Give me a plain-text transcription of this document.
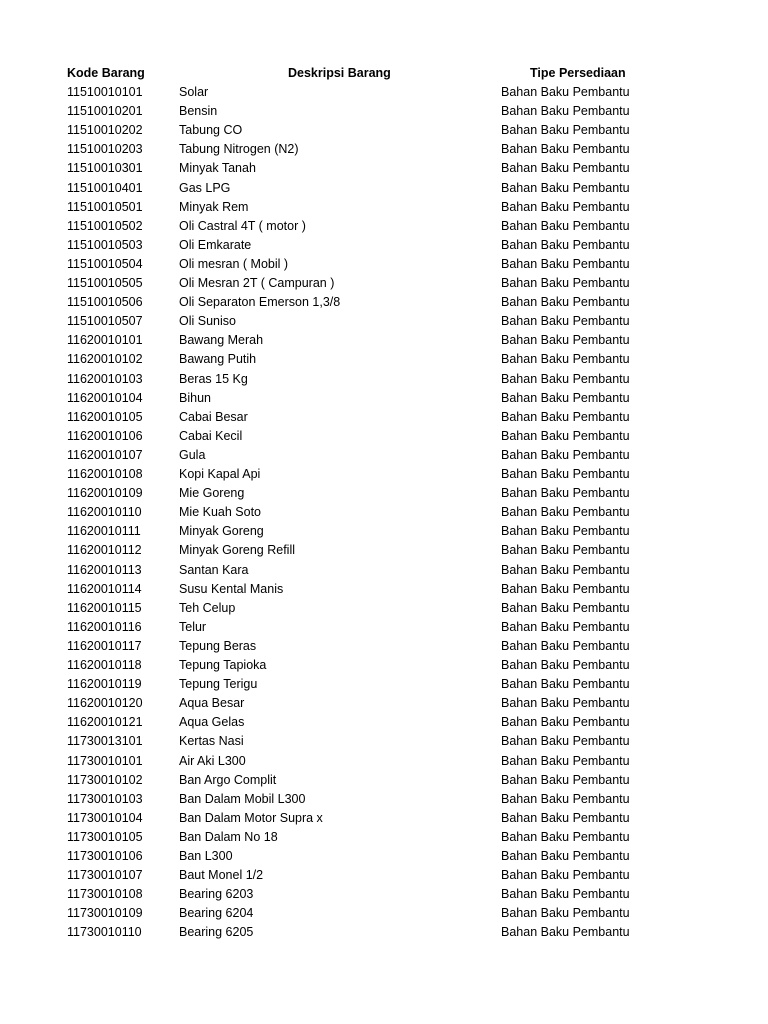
Kode Barang	Deskripsi Barang	Tipe Persediaan
11510010101	Solar	Bahan Baku Pembantu
11510010201	Bensin	Bahan Baku Pembantu
11510010202	Tabung CO	Bahan Baku Pembantu
11510010203	Tabung Nitrogen (N2)	Bahan Baku Pembantu
11510010301	Minyak Tanah	Bahan Baku Pembantu
11510010401	Gas LPG	Bahan Baku Pembantu
11510010501	Minyak Rem	Bahan Baku Pembantu
11510010502	Oli Castral 4T ( motor )	Bahan Baku Pembantu
11510010503	Oli Emkarate	Bahan Baku Pembantu
11510010504	Oli mesran ( Mobil )	Bahan Baku Pembantu
11510010505	Oli Mesran 2T ( Campuran )	Bahan Baku Pembantu
11510010506	Oli Separaton Emerson 1,3/8	Bahan Baku Pembantu
11510010507	Oli Suniso	Bahan Baku Pembantu
11620010101	Bawang Merah	Bahan Baku Pembantu
11620010102	Bawang Putih	Bahan Baku Pembantu
11620010103	Beras 15 Kg	Bahan Baku Pembantu
11620010104	Bihun	Bahan Baku Pembantu
11620010105	Cabai Besar	Bahan Baku Pembantu
11620010106	Cabai Kecil	Bahan Baku Pembantu
11620010107	Gula	Bahan Baku Pembantu
11620010108	Kopi Kapal Api	Bahan Baku Pembantu
11620010109	Mie Goreng	Bahan Baku Pembantu
11620010110	Mie Kuah Soto	Bahan Baku Pembantu
11620010111	Minyak Goreng	Bahan Baku Pembantu
11620010112	Minyak Goreng Refill	Bahan Baku Pembantu
11620010113	Santan Kara	Bahan Baku Pembantu
11620010114	Susu Kental Manis	Bahan Baku Pembantu
11620010115	Teh Celup	Bahan Baku Pembantu
11620010116	Telur	Bahan Baku Pembantu
11620010117	Tepung Beras	Bahan Baku Pembantu
11620010118	Tepung Tapioka	Bahan Baku Pembantu
11620010119	Tepung Terigu	Bahan Baku Pembantu
11620010120	Aqua Besar	Bahan Baku Pembantu
11620010121	Aqua Gelas	Bahan Baku Pembantu
11730013101	Kertas Nasi	Bahan Baku Pembantu
11730010101	Air Aki L300	Bahan Baku Pembantu
11730010102	Ban Argo Complit	Bahan Baku Pembantu
11730010103	Ban Dalam Mobil L300	Bahan Baku Pembantu
11730010104	Ban Dalam Motor Supra x	Bahan Baku Pembantu
11730010105	Ban Dalam No 18	Bahan Baku Pembantu
11730010106	Ban L300	Bahan Baku Pembantu
11730010107	Baut Monel 1/2	Bahan Baku Pembantu
11730010108	Bearing 6203	Bahan Baku Pembantu
11730010109	Bearing 6204	Bahan Baku Pembantu
11730010110	Bearing 6205	Bahan Baku Pembantu
